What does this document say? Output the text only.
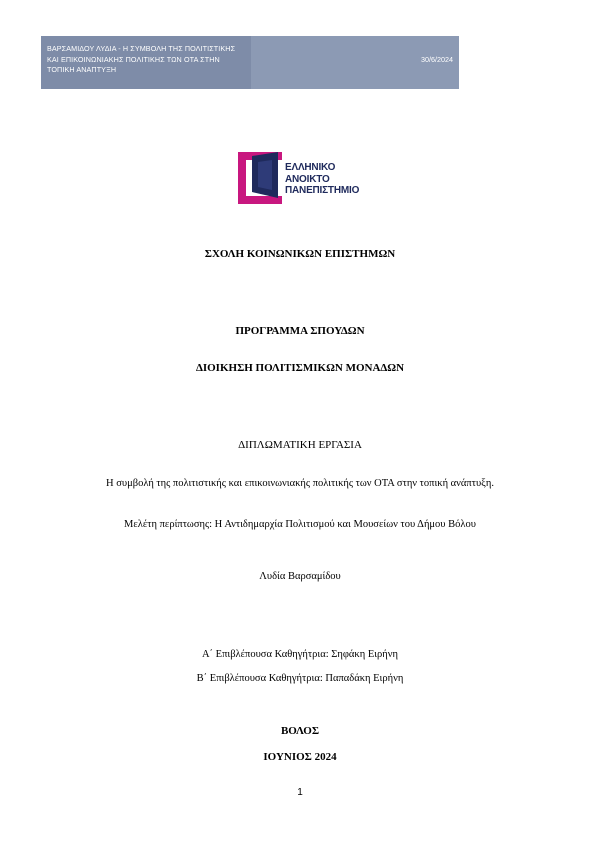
ΒΑΡΣΑΜΙΔΟΥ ΛΥΔΙΑ - Η ΣΥΜΒΟΛΗ ΤΗΣ ΠΟΛΙΤΙΣΤΙΚΗΣ ΚΑΙ ΕΠΙΚΟΙΝΩΝΙΑΚΗΣ ΠΟΛΙΤΙΚΗΣ ΤΩΝ ΟΤΑ ΣΤΗΝ ΤΟΠΙΚΗ ΑΝΑΠΤΥΞΗ
30/6/2024
ΕΛΛΗΝΙΚΟ
ΑΝΟΙΚΤΟ
ΠΑΝΕΠΙΣΤΗΜΙΟ
ΣΧΟΛΗ ΚΟΙΝΩΝΙΚΩΝ ΕΠΙΣΤΗΜΩΝ
ΠΡΟΓΡΑΜΜΑ ΣΠΟΥΔΩΝ
ΔΙΟΙΚΗΣΗ ΠΟΛΙΤΙΣΜΙΚΩΝ ΜΟΝΑΔΩΝ
ΔΙΠΛΩΜΑΤΙΚΗ ΕΡΓΑΣΙΑ
Η συμβολή της πολιτιστικής και επικοινωνιακής πολιτικής των ΟΤΑ στην τοπική ανάπτυξη.
Μελέτη περίπτωσης: Η Αντιδημαρχία Πολιτισμού και Μουσείων του Δήμου Βόλου
Λυδία Βαρσαμίδου
Α΄ Επιβλέπουσα Καθηγήτρια: Σηφάκη Ειρήνη
Β΄ Επιβλέπουσα Καθηγήτρια: Παπαδάκη Ειρήνη
ΒΟΛΟΣ
ΙΟΥΝΙΟΣ 2024
1
